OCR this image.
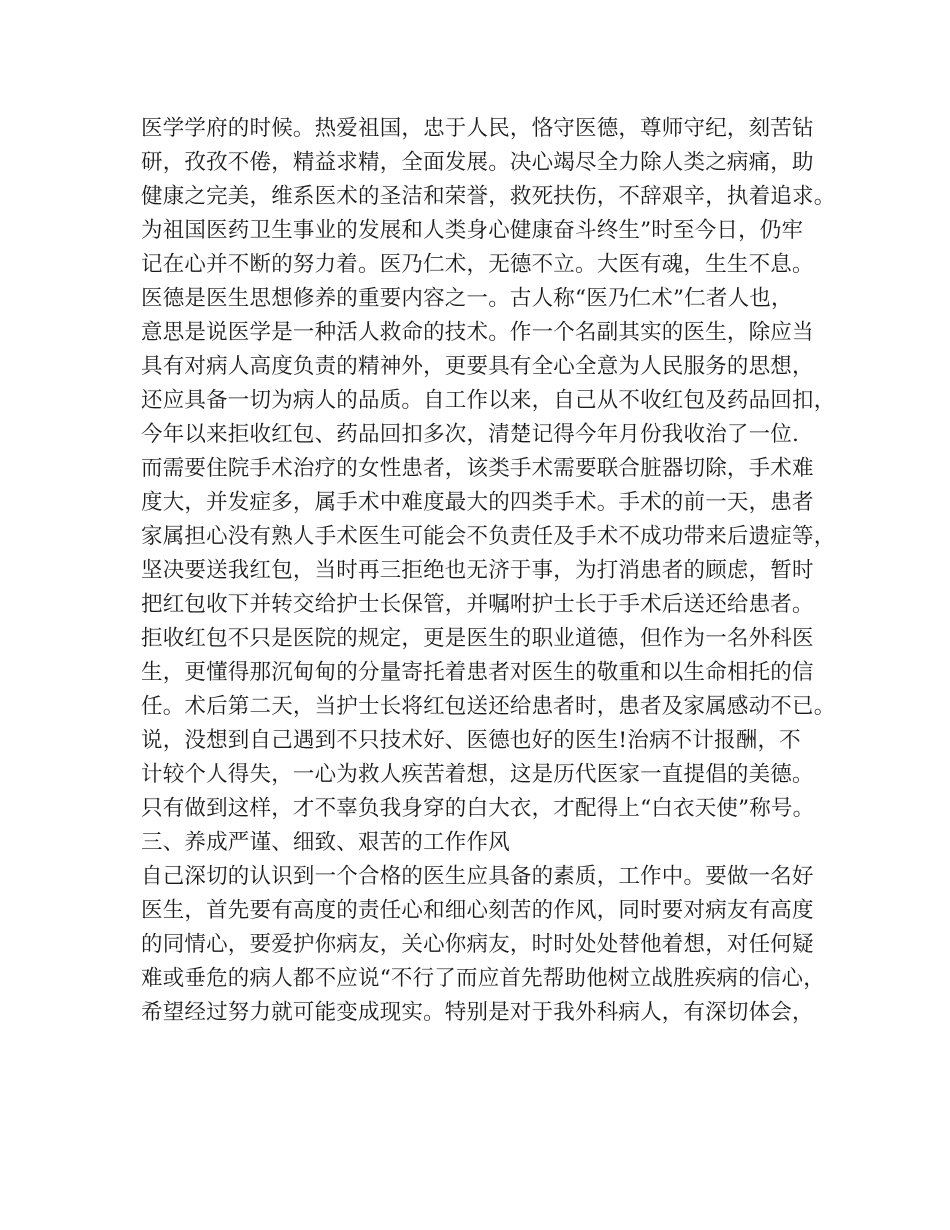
医学学府的时候。热爱祖国，忠于人民，恪守医德，尊师守纪，刻苦钻
研，孜孜不倦，精益求精，全面发展。决心竭尽全力除人类之病痛，助
健康之完美，维系医术的圣洁和荣誉，救死扶伤，不辞艰辛，执着追求。
为祖国医药卫生事业的发展和人类身心健康奋斗终生”时至今日，仍牢
记在心并不断的努力着。医乃仁术，无德不立。大医有魂，生生不息。
医德是医生思想修养的重要内容之一。古人称“医乃仁术”仁者人也，
意思是说医学是一种活人救命的技术。作一个名副其实的医生，除应当
具有对病人高度负责的精神外，更要具有全心全意为人民服务的思想，
还应具备一切为病人的品质。自工作以来，自己从不收红包及药品回扣，
今年以来拒收红包、药品回扣多次，清楚记得今年月份我收治了一位.
而需要住院手术治疗的女性患者，该类手术需要联合脏器切除，手术难
度大，并发症多，属手术中难度最大的四类手术。手术的前一天，患者
家属担心没有熟人手术医生可能会不负责任及手术不成功带来后遗症等，
坚决要送我红包，当时再三拒绝也无济于事，为打消患者的顾虑，暂时
把红包收下并转交给护士长保管，并嘱咐护士长于手术后送还给患者。
拒收红包不只是医院的规定，更是医生的职业道德，但作为一名外科医
生，更懂得那沉甸甸的分量寄托着患者对医生的敬重和以生命相托的信
任。术后第二天，当护士长将红包送还给患者时，患者及家属感动不已。
说，没想到自己遇到不只技术好、医德也好的医生!治病不计报酬，不
计较个人得失，一心为救人疾苦着想，这是历代医家一直提倡的美德。
只有做到这样，才不辜负我身穿的白大衣，才配得上“白衣天使”称号。
三、养成严谨、细致、艰苦的工作作风
自己深切的认识到一个合格的医生应具备的素质，工作中。要做一名好
医生，首先要有高度的责任心和细心刻苦的作风，同时要对病友有高度
的同情心，要爱护你病友，关心你病友，时时处处替他着想，对任何疑
难或垂危的病人都不应说“不行了而应首先帮助他树立战胜疾病的信心，
希望经过努力就可能变成现实。特别是对于我外科病人，有深切体会，
